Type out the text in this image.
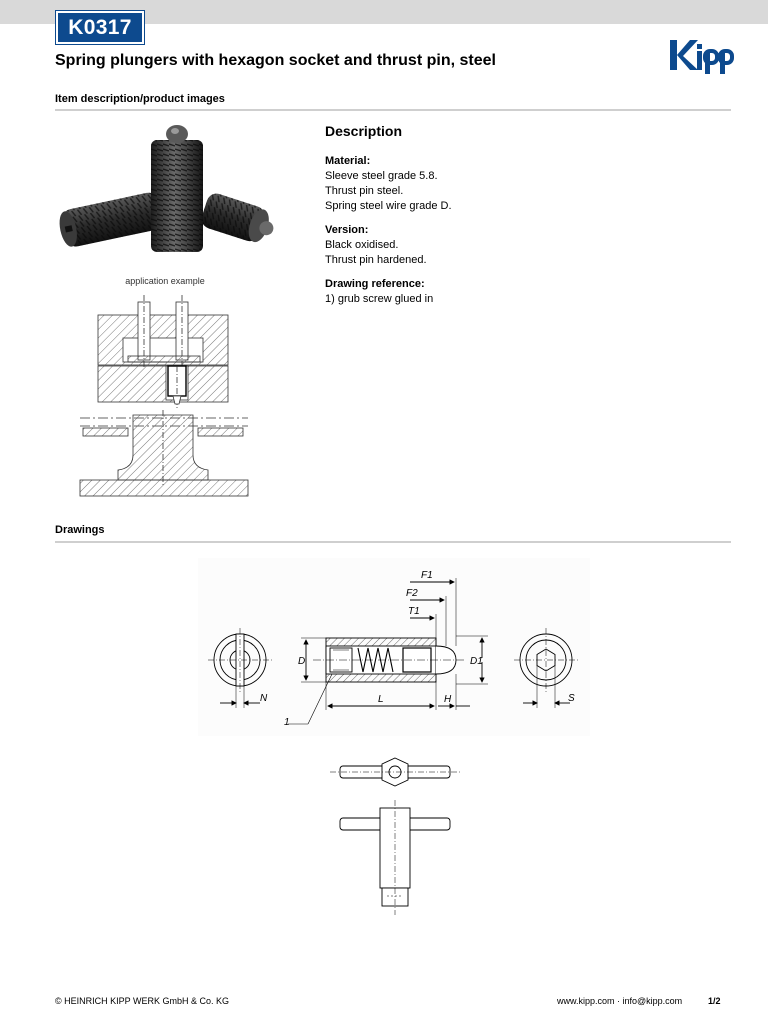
K0317
Spring plungers with hexagon socket and thrust pin, steel
Item description/product images
application example
Description
Material:
Sleeve steel grade 5.8.
Thrust pin steel.
Spring steel wire grade D.
Version:
Black oxidised.
Thrust pin hardened.
Drawing reference:
1) grub screw glued in
Drawings
F1
F2
T1
D	D1
L	H
N	S
1
© HEINRICH KIPP WERK GmbH & Co. KG	www.kipp.com · info@kipp.com	1/2
